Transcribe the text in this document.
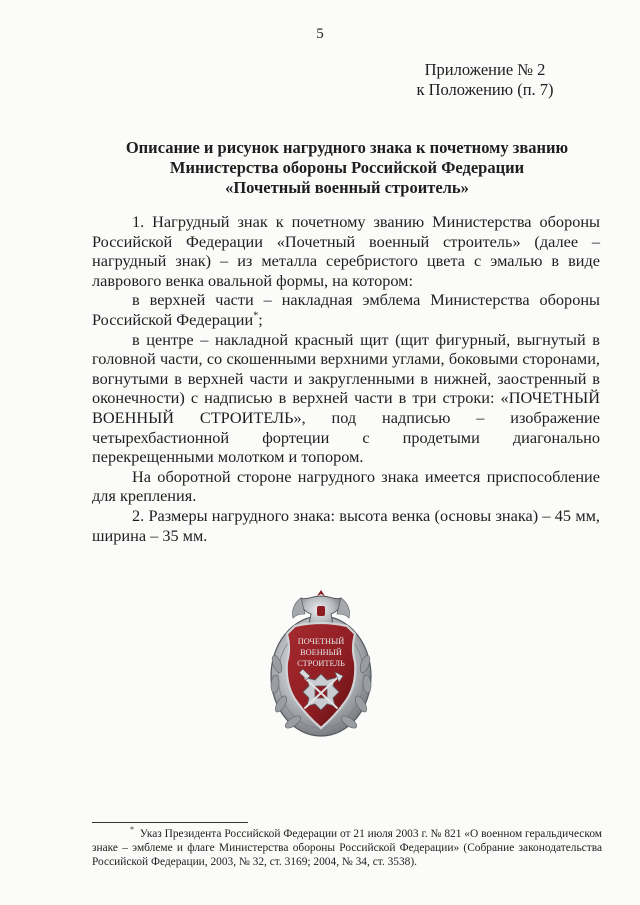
5
Приложение № 2
к Положению (п. 7)
Описание и рисунок нагрудного знака к почетному званию
Министерства обороны Российской Федерации
«Почетный военный строитель»

1. Нагрудный знак к почетному званию Министерства обороны Российской Федерации «Почетный военный строитель» (далее – нагрудный знак) – из металла серебристого цвета с эмалью в виде лаврового венка овальной формы, на котором:

в верхней части – накладная эмблема Министерства обороны Российской Федерации*;

в центре – накладной красный щит (щит фигурный, выгнутый в головной части, со скошенными верхними углами, боковыми сторонами, вогнутыми в верхней части и закругленными в нижней, заостренный в оконечности) с надписью в верхней части в три строки: «ПОЧЕТНЫЙ ВОЕННЫЙ СТРОИТЕЛЬ», под надписью – изображение четырехбастионной фортеции с продетыми диагонально перекрещенными молотком и топором.

На оборотной стороне нагрудного знака имеется приспособление для крепления.

2. Размеры нагрудного знака: высота венка (основы знака) – 45 мм, ширина – 35 мм.

ПОЧЕТНЫЙ
ВОЕННЫЙ
СТРОИТЕЛЬ

* Указ Президента Российской Федерации от 21 июля 2003 г. № 821 «О военном геральдическом знаке – эмблеме и флаге Министерства обороны Российской Федерации» (Собрание законодательства Российской Федерации, 2003, № 32, ст. 3169; 2004, № 34, ст. 3538).
